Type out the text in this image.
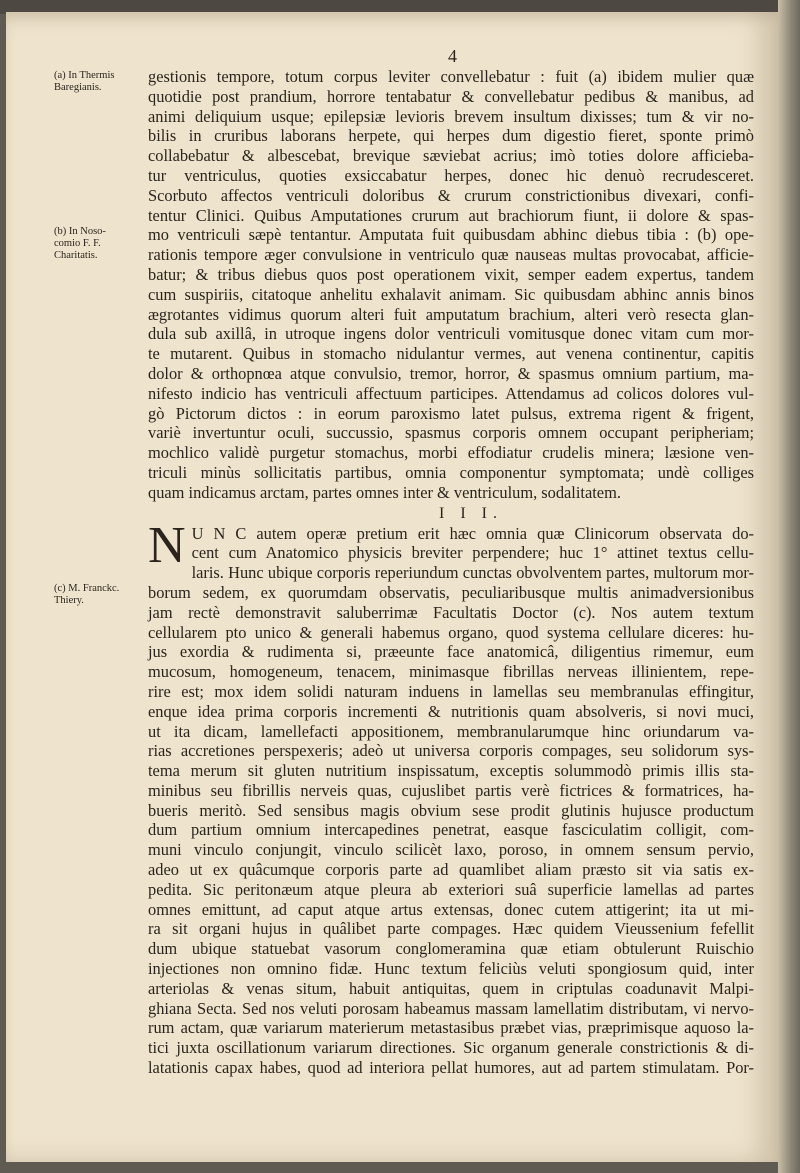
4
(a) In Thermis
Baregianis.
(b) In Noso-
comio F. F.
Charitatis.
(c) M. Franckc.
Thiery.
gestionis tempore, totum corpus leviter convellebatur : fuit (a) ibidem mulier quæ
quotidie post prandium, horrore tentabatur & convellebatur pedibus & manibus, ad
animi deliquium usque; epilepsiæ levioris brevem insultum dixisses; tum & vir no-
bilis in cruribus laborans herpete, qui herpes dum digestio fieret, sponte primò
collabebatur & albescebat, brevique sæviebat acrius; imò toties dolore afficieba-
tur ventriculus, quoties exsiccabatur herpes, donec hic denuò recrudesceret.
Scorbuto affectos ventriculi doloribus & crurum constrictionibus divexari, confi-
tentur Clinici. Quibus Amputationes crurum aut brachiorum fiunt, ii dolore & spas-
mo ventriculi sæpè tentantur. Amputata fuit quibusdam abhinc diebus tibia : (b) ope-
rationis tempore æger convulsione in ventriculo quæ nauseas multas provocabat, afficie-
batur; & tribus diebus quos post operationem vixit, semper eadem expertus, tandem
cum suspiriis, citatoque anhelitu exhalavit animam. Sic quibusdam abhinc annis binos
ægrotantes vidimus quorum alteri fuit amputatum brachium, alteri verò resecta glan-
dula sub axillâ, in utroque ingens dolor ventriculi vomitusque donec vitam cum mor-
te mutarent. Quibus in stomacho nidulantur vermes, aut venena continentur, capitis
dolor & orthopnœa atque convulsio, tremor, horror, & spasmus omnium partium, ma-
nifesto indicio has ventriculi affectuum participes. Attendamus ad colicos dolores vul-
gò Pictorum dictos : in eorum paroxismo latet pulsus, extrema rigent & frigent,
variè invertuntur oculi, succussio, spasmus corporis omnem occupant peripheriam;
mochlico validè purgetur stomachus, morbi effodiatur crudelis minera; læsione ven-
triculi minùs sollicitatis partibus, omnia componentur symptomata; undè colliges
quam indicamus arctam, partes omnes inter & ventriculum, sodalitatem.
I I I.
N U N C autem operæ pretium erit hæc omnia quæ Clinicorum observata do-
cent cum Anatomico physicis breviter perpendere; huc 1° attinet textus cellu-
laris. Hunc ubique corporis reperiundum cunctas obvolventem partes, multorum mor-
borum sedem, ex quorumdam observatis, peculiaribusque multis animadversionibus
jam rectè demonstravit saluberrimæ Facultatis Doctor (c). Nos autem textum
cellularem pto unico & generali habemus organo, quod systema cellulare diceres: hu-
jus exordia & rudimenta si, præeunte face anatomicâ, diligentius rimemur, eum
mucosum, homogeneum, tenacem, minimasque fibrillas nerveas illinientem, repe-
rire est; mox idem solidi naturam induens in lamellas seu membranulas effingitur,
enque idea prima corporis incrementi & nutritionis quam absolveris, si novi muci,
ut ita dicam, lamellefacti appositionem, membranularumque hinc oriundarum va-
rias accretiones perspexeris; adeò ut universa corporis compages, seu solidorum sys-
tema merum sit gluten nutritium inspissatum, exceptis solummodò primis illis sta-
minibus seu fibrillis nerveis quas, cujuslibet partis verè fictrices & formatrices, ha-
bueris meritò. Sed sensibus magis obvium sese prodit glutinis hujusce productum
dum partium omnium intercapedines penetrat, easque fasciculatim colligit, com-
muni vinculo conjungit, vinculo scilicèt laxo, poroso, in omnem sensum pervio,
adeo ut ex quâcumque corporis parte ad quamlibet aliam præsto sit via satis ex-
pedita. Sic peritonæum atque pleura ab exteriori suâ superficie lamellas ad partes
omnes emittunt, ad caput atque artus extensas, donec cutem attigerint; ita ut mi-
ra sit organi hujus in quâlibet parte compages. Hæc quidem Vieussenium fefellit
dum ubique statuebat vasorum conglomeramina quæ etiam obtulerunt Ruischio
injectiones non omnino fidæ. Hunc textum feliciùs veluti spongiosum quid, inter
arteriolas & venas situm, habuit antiquitas, quem in criptulas coadunavit Malpi-
ghiana Secta. Sed nos veluti porosam habeamus massam lamellatim distributam, vi nervo-
rum actam, quæ variarum materierum metastasibus præbet vias, præprimisque aquoso la-
tici juxta oscillationum variarum directiones. Sic organum generale constrictionis & di-
latationis capax habes, quod ad interiora pellat humores, aut ad partem stimulatam. Por-
